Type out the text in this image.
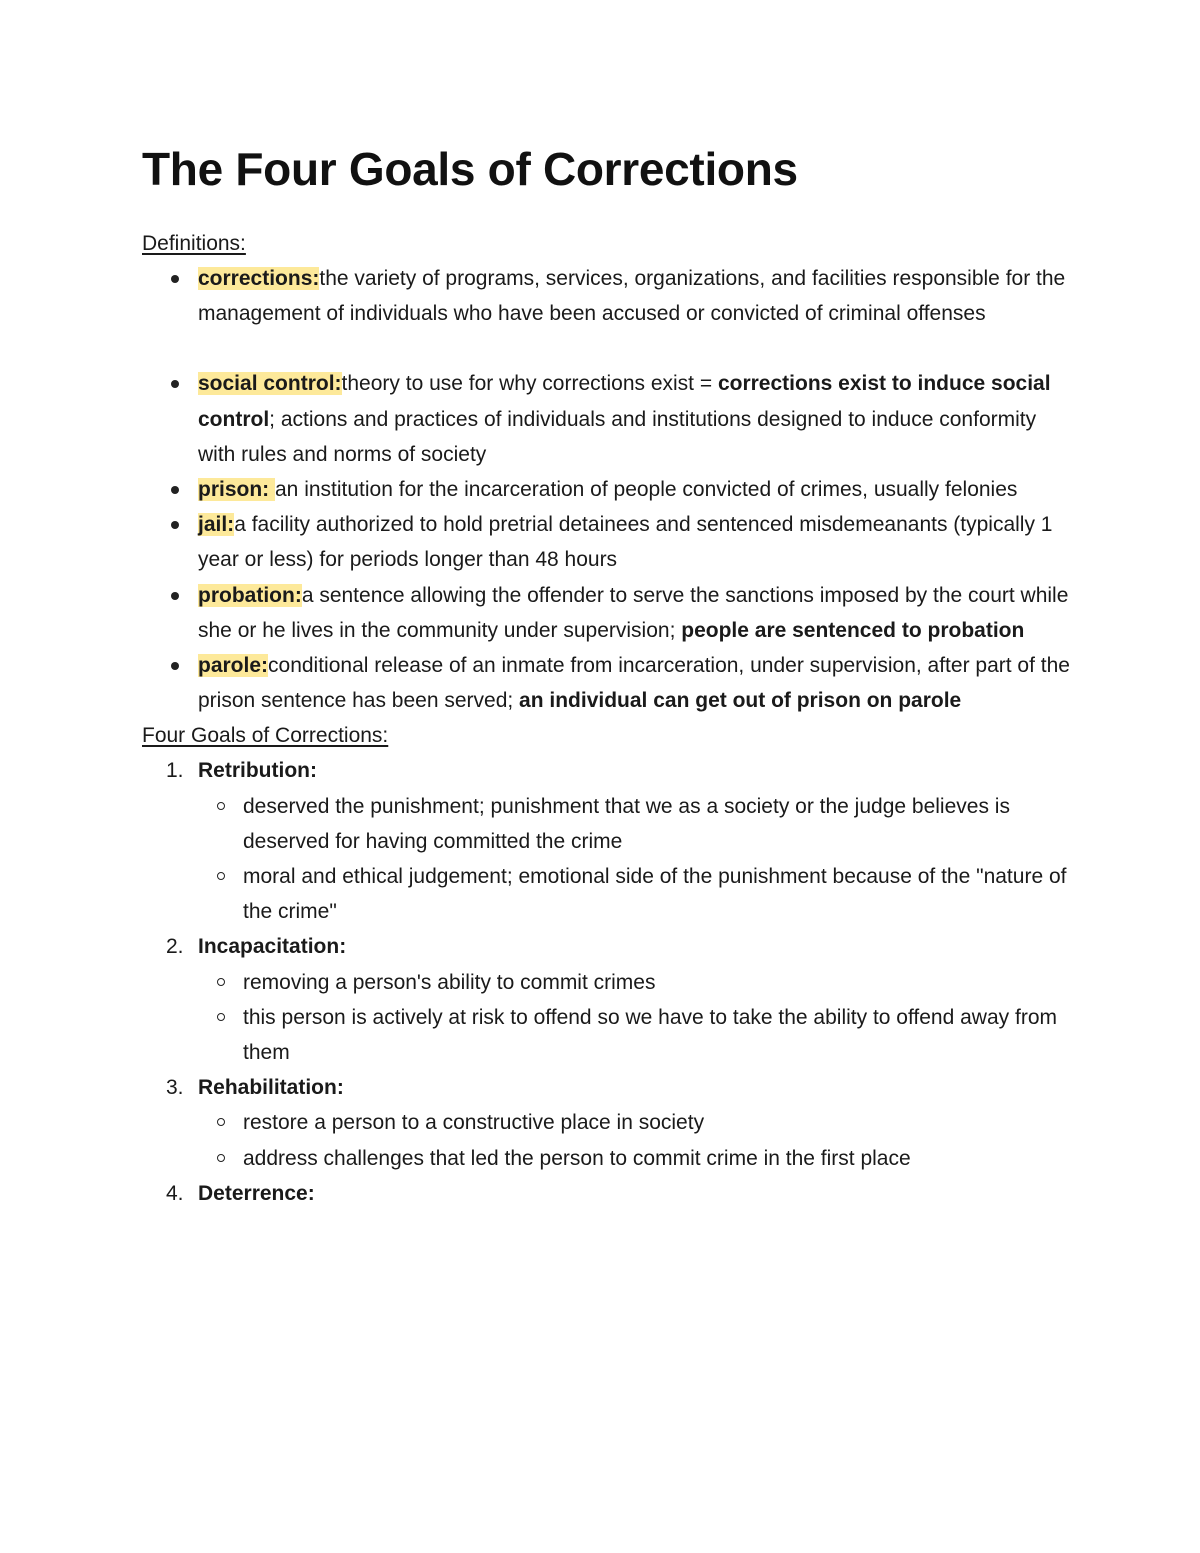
The Four Goals of Corrections
Definitions:
corrections:the variety of programs, services, organizations, and facilities responsible for the management of individuals who have been accused or convicted of criminal offenses
social control:theory to use for why corrections exist = corrections exist to induce social control; actions and practices of individuals and institutions designed to induce conformity with rules and norms of society
prison: an institution for the incarceration of people convicted of crimes, usually felonies
jail:a facility authorized to hold pretrial detainees and sentenced misdemeanants (typically 1 year or less) for periods longer than 48 hours
probation:a sentence allowing the offender to serve the sanctions imposed by the court while she or he lives in the community under supervision; people are sentenced to probation
parole:conditional release of an inmate from incarceration, under supervision, after part of the prison sentence has been served; an individual can get out of prison on parole
Four Goals of Corrections:
1. Retribution:
deserved the punishment; punishment that we as a society or the judge believes is deserved for having committed the crime
moral and ethical judgement; emotional side of the punishment because of the "nature of the crime"
2. Incapacitation:
removing a person's ability to commit crimes
this person is actively at risk to offend so we have to take the ability to offend away from them
3. Rehabilitation:
restore a person to a constructive place in society
address challenges that led the person to commit crime in the first place
4. Deterrence:
